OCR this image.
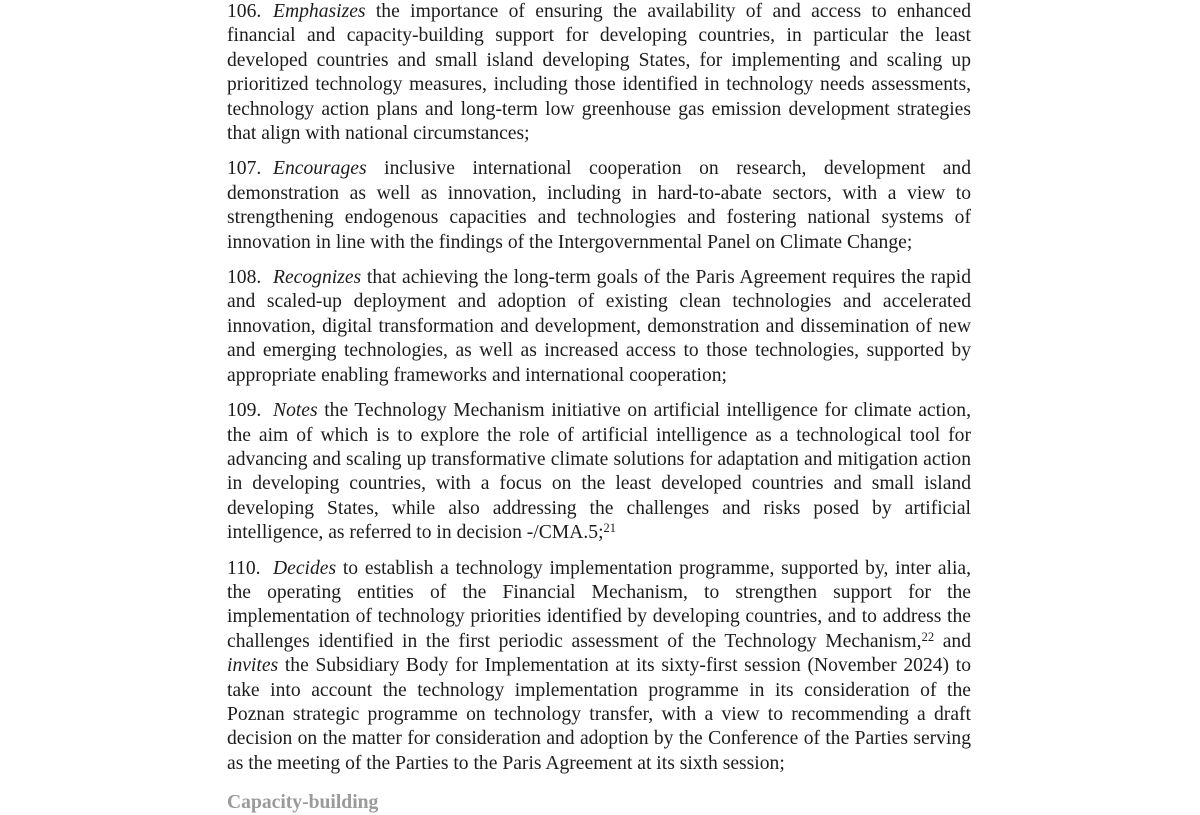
106. Emphasizes the importance of ensuring the availability of and access to enhanced financial and capacity-building support for developing countries, in particular the least developed countries and small island developing States, for implementing and scaling up prioritized technology measures, including those identified in technology needs assessments, technology action plans and long-term low greenhouse gas emission development strategies that align with national circumstances;

107. Encourages inclusive international cooperation on research, development and demonstration as well as innovation, including in hard-to-abate sectors, with a view to strengthening endogenous capacities and technologies and fostering national systems of innovation in line with the findings of the Intergovernmental Panel on Climate Change;

108. Recognizes that achieving the long-term goals of the Paris Agreement requires the rapid and scaled-up deployment and adoption of existing clean technologies and accelerated innovation, digital transformation and development, demonstration and dissemination of new and emerging technologies, as well as increased access to those technologies, supported by appropriate enabling frameworks and international cooperation;

109. Notes the Technology Mechanism initiative on artificial intelligence for climate action, the aim of which is to explore the role of artificial intelligence as a technological tool for advancing and scaling up transformative climate solutions for adaptation and mitigation action in developing countries, with a focus on the least developed countries and small island developing States, while also addressing the challenges and risks posed by artificial intelligence, as referred to in decision -/CMA.5;$^{21}$

110. Decides to establish a technology implementation programme, supported by, inter alia, the operating entities of the Financial Mechanism, to strengthen support for the implementation of technology priorities identified by developing countries, and to address the challenges identified in the first periodic assessment of the Technology Mechanism,$^{22}$ and invites the Subsidiary Body for Implementation at its sixty-first session (November 2024) to take into account the technology implementation programme in its consideration of the Poznan strategic programme on technology transfer, with a view to recommending a draft decision on the matter for consideration and adoption by the Conference of the Parties serving as the meeting of the Parties to the Paris Agreement at its sixth session;

Capacity-building
